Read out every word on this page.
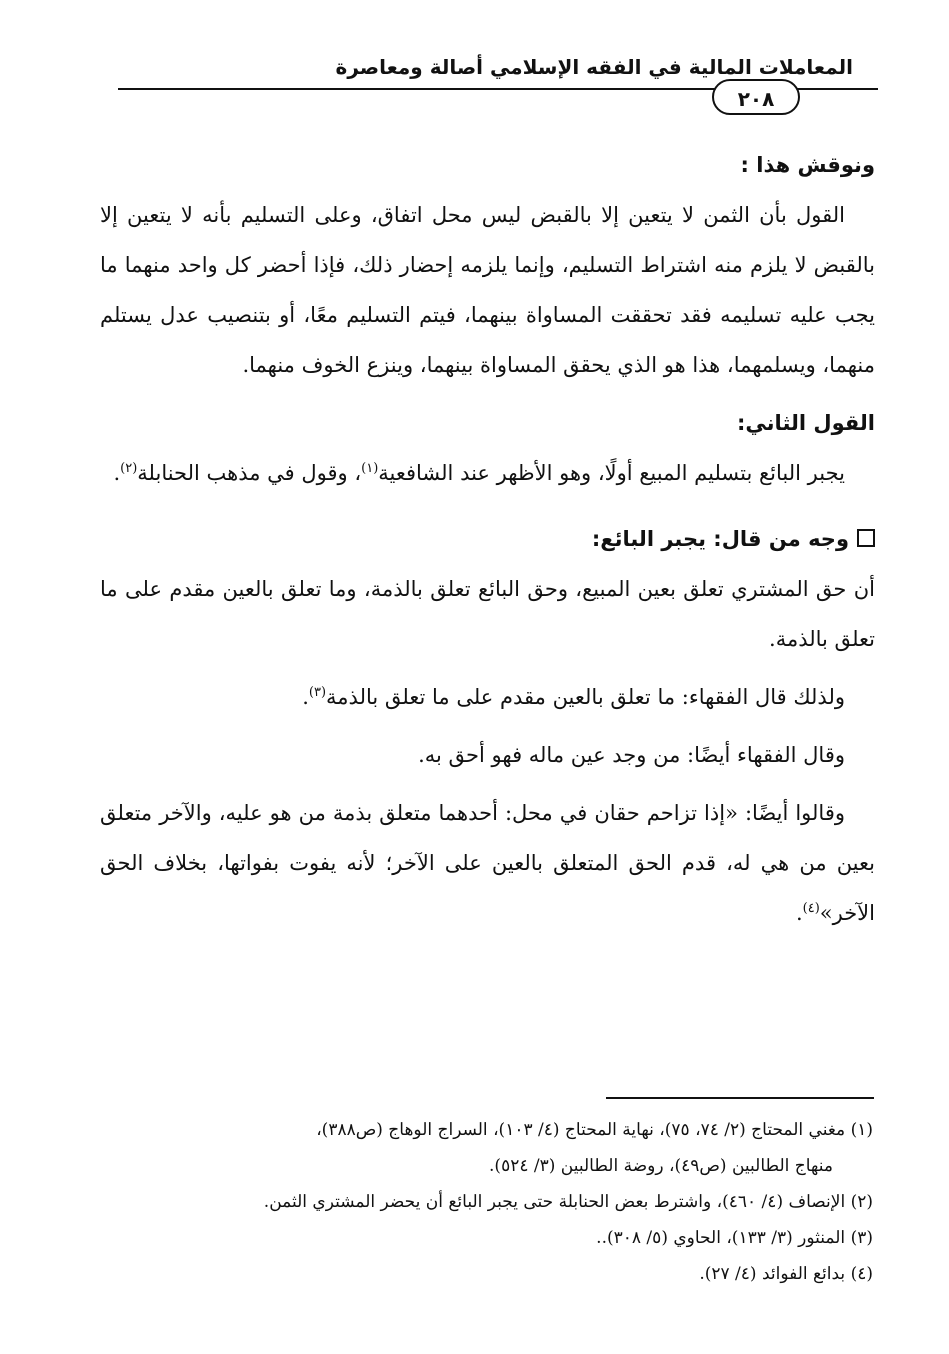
المعاملات المالية في الفقه الإسلامي أصالة ومعاصرة
٢٠٨

ونوقش هذا :

القول بأن الثمن لا يتعين إلا بالقبض ليس محل اتفاق، وعلى التسليم بأنه لا يتعين إلا بالقبض لا يلزم منه اشتراط التسليم، وإنما يلزمه إحضار ذلك، فإذا أحضر كل واحد منهما ما يجب عليه تسليمه فقد تحققت المساواة بينهما، فيتم التسليم معًا، أو بتنصيب عدل يستلم منهما، ويسلمهما، هذا هو الذي يحقق المساواة بينهما، وينزع الخوف منهما.

القول الثاني:

يجبر البائع بتسليم المبيع أولًا، وهو الأظهر عند الشافعية$^{(١)}$، وقول في مذهب الحنابلة$^{(٢)}$.

وجه من قال: يجبر البائع:

أن حق المشتري تعلق بعين المبيع، وحق البائع تعلق بالذمة، وما تعلق بالعين مقدم على ما تعلق بالذمة.

ولذلك قال الفقهاء: ما تعلق بالعين مقدم على ما تعلق بالذمة$^{(٣)}$.

وقال الفقهاء أيضًا: من وجد عين ماله فهو أحق به.

وقالوا أيضًا: «إذا تزاحم حقان في محل: أحدهما متعلق بذمة من هو عليه، والآخر متعلق بعين من هي له، قدم الحق المتعلق بالعين على الآخر؛ لأنه يفوت بفواتها، بخلاف الحق الآخر»$^{(٤)}$.

(١) مغني المحتاج (٢/ ٧٤، ٧٥)، نهاية المحتاج (٤/ ١٠٣)، السراج الوهاج (ص٣٨٨)،

منهاج الطالبين (ص٤٩)، روضة الطالبين (٣/ ٥٢٤).

(٢) الإنصاف (٤/ ٤٦٠)، واشترط بعض الحنابلة حتى يجبر البائع أن يحضر المشتري الثمن.

(٣) المنثور (٣/ ١٣٣)، الحاوي (٥/ ٣٠٨)..

(٤) بدائع الفوائد (٤/ ٢٧).
